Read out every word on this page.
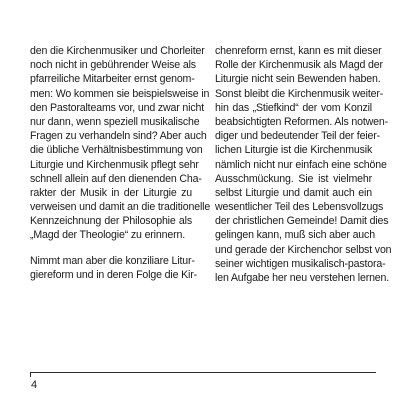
den die Kirchenmusiker und Chorleiter
noch nicht in gebührender Weise als
pfarreiliche Mitarbeiter ernst genom-
men: Wo kommen sie beispielsweise in
den Pastoralteams vor, und zwar nicht
nur dann, wenn speziell musikalische
Fragen zu verhandeln sind? Aber auch
die übliche Verhältnisbestimmung von
Liturgie und Kirchenmusik pflegt sehr
schnell allein auf den dienenden Cha-
rakter der Musik in der Liturgie zu
verweisen und damit an die traditionelle
Kennzeichnung der Philosophie als
„Magd der Theologie“ zu erinnern.
Nimmt man aber die konziliare Litur-
giereform und in deren Folge die Kir-
chenreform ernst, kann es mit dieser
Rolle der Kirchenmusik als Magd der
Liturgie nicht sein Bewenden haben.
Sonst bleibt die Kirchenmusik weiter-
hin das „Stiefkind“ der vom Konzil
beabsichtigten Reformen. Als notwen-
diger und bedeutender Teil der feier-
lichen Liturgie ist die Kirchenmusik
nämlich nicht nur einfach eine schöne
Ausschmückung. Sie ist vielmehr
selbst Liturgie und damit auch ein
wesentlicher Teil des Lebensvollzugs
der christlichen Gemeinde! Damit dies
gelingen kann, muß sich aber auch
und gerade der Kirchenchor selbst von
seiner wichtigen musikalisch-pastora-
len Aufgabe her neu verstehen lernen.
4
